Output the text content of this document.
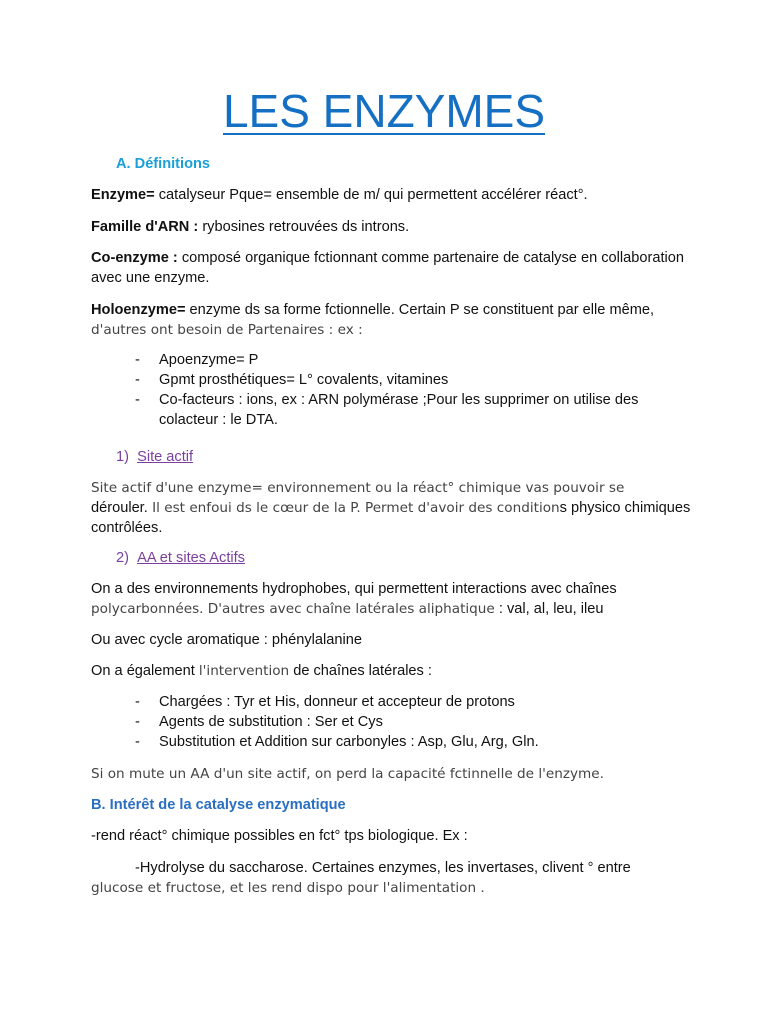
LES ENZYMES

A. Définitions

Enzyme= catalyseur Pque= ensemble de m/ qui permettent accélérer réact°.

Famille d'ARN : rybosines retrouvées ds introns.

Co-enzyme : composé organique fctionnant comme partenaire de catalyse en collaboration avec une enzyme.

Holoenzyme= enzyme ds sa forme fctionnelle. Certain P se constituent par elle même, d'autres ont besoin de Partenaires : ex :

- Apoenzyme= P
- Gpmt prosthétiques= L° covalents, vitamines
- Co-facteurs : ions, ex : ARN polymérase ;Pour les supprimer on utilise des colacteur : le DTA.

1) Site actif

Site actif d'une enzyme= environnement ou la réact° chimique vas pouvoir se
dérouler. Il est enfoui ds le cœur de la P. Permet d'avoir des conditions physico chimiques contrôlées.

2) AA et sites Actifs

On a des environnements hydrophobes, qui permettent interactions avec chaînes polycarbonnées. D'autres avec chaîne latérales aliphatique : val, al, leu, ileu

Ou avec cycle aromatique : phénylalanine

On a également l'intervention de chaînes latérales :

- Chargées : Tyr et His, donneur et accepteur de protons
- Agents de substitution : Ser et Cys
- Substitution et Addition sur carbonyles : Asp, Glu, Arg, Gln.

Si on mute un AA d'un site actif, on perd la capacité fctinnelle de l'enzyme.

B. Intérêt de la catalyse enzymatique

-rend réact° chimique possibles en fct° tps biologique. Ex :

-Hydrolyse du saccharose. Certaines enzymes, les invertases, clivent ° entre
glucose et fructose, et les rend dispo pour l'alimentation .
